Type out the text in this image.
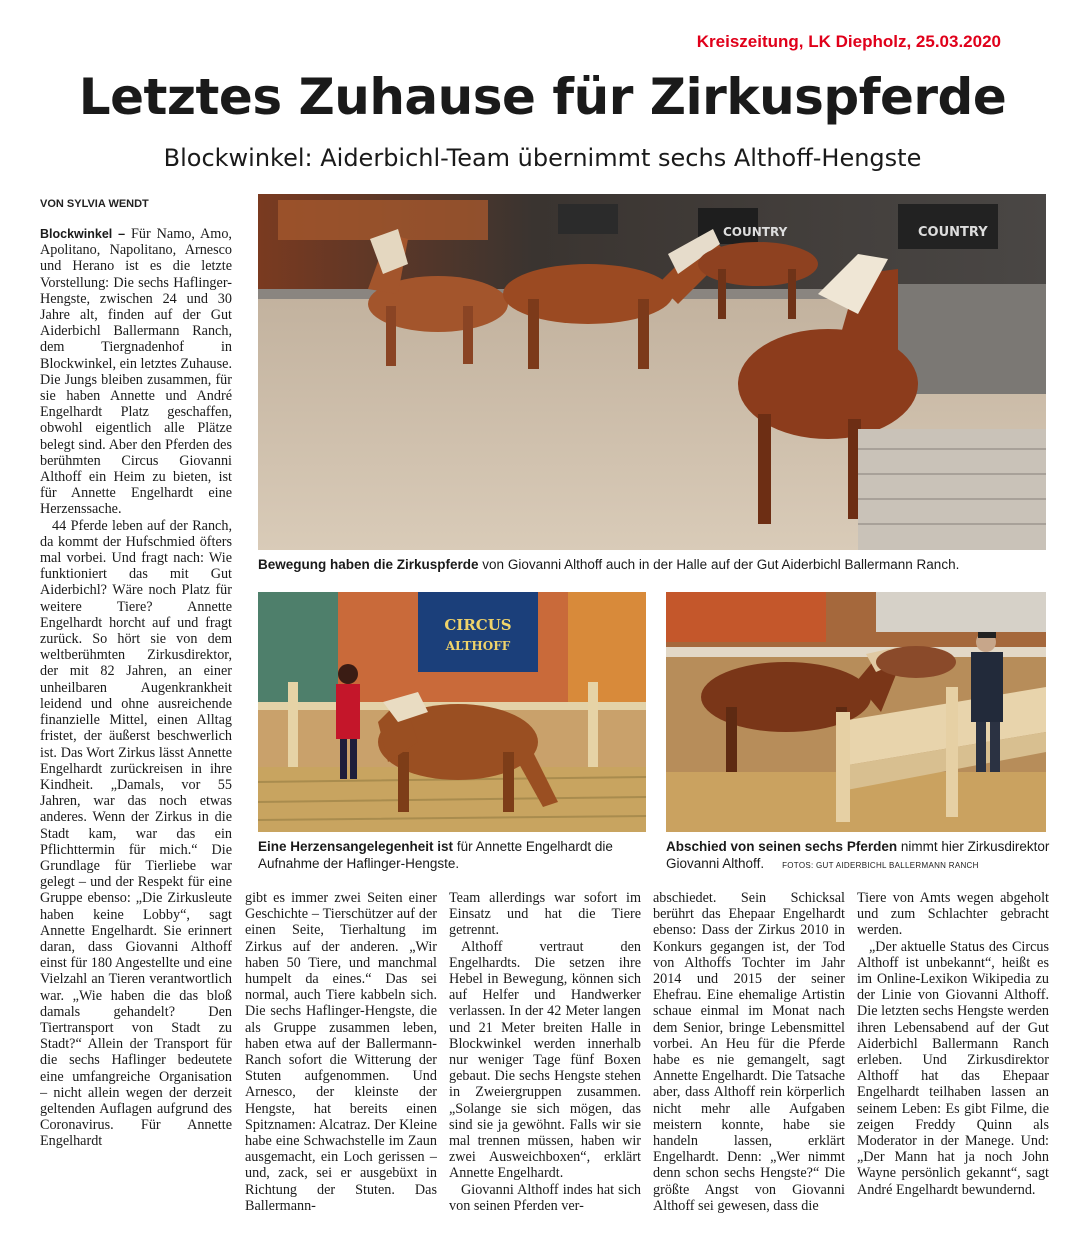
Kreiszeitung, LK Diepholz, 25.03.2020
Letztes Zuhause für Zirkuspferde
Blockwinkel: Aiderbichl-Team übernimmt sechs Althoff-Hengste
VON SYLVIA WENDT

Blockwinkel – Für Namo, Amo, Apolitano, Napolitano, Arnesco und Herano ist es die letzte Vorstellung: Die sechs Haflinger-Hengste, zwischen 24 und 30 Jahre alt, finden auf der Gut Aiderbichl Ballermann Ranch, dem Tiergnadenhof in Blockwinkel, ein letztes Zuhause. Die Jungs bleiben zusammen, für sie haben Annette und André Engelhardt Platz geschaffen, obwohl eigentlich alle Plätze belegt sind. Aber den Pferden des berühmten Circus Giovanni Althoff ein Heim zu bieten, ist für Annette Engelhardt eine Herzenssache.

44 Pferde leben auf der Ranch, da kommt der Hufschmied öfters mal vorbei. Und fragt nach: Wie funktioniert das mit Gut Aiderbichl? Wäre noch Platz für weitere Tiere? Annette Engelhardt horcht auf und fragt zurück. So hört sie von dem weltberühmten Zirkusdirektor, der mit 82 Jahren, an einer unheilbaren Augenkrankheit leidend und ohne ausreichende finanzielle Mittel, einen Alltag fristet, der äußerst beschwerlich ist. Das Wort Zirkus lässt Annette Engelhardt zurückreisen in ihre Kindheit. „Damals, vor 55 Jahren, war das noch etwas anderes. Wenn der Zirkus in die Stadt kam, war das ein Pflichttermin für mich.“ Die Grundlage für Tierliebe war gelegt – und der Respekt für eine Gruppe ebenso: „Die Zirkusleute haben keine Lobby“, sagt Annette Engelhardt. Sie erinnert daran, dass Giovanni Althoff einst für 180 Angestellte und eine Vielzahl an Tieren verantwortlich war. „Wie haben die das bloß damals gehandelt? Den Tiertransport von Stadt zu Stadt?“ Allein der Transport für die sechs Haflinger bedeutete eine umfangreiche Organisation – nicht allein wegen der derzeit geltenden Auflagen aufgrund des Coronavirus. Für Annette Engelhardt

COUNTRY	COUNTRY
Bewegung haben die Zirkuspferde von Giovanni Althoff auch in der Halle auf der Gut Aiderbichl Ballermann Ranch.
CIRCUS
ALTHOFF
Eine Herzensangelegenheit ist für Annette Engelhardt die Aufnahme der Haflinger-Hengste.
Abschied von seinen sechs Pferden nimmt hier Zirkusdirektor Giovanni Althoff. FOTOS: GUT AIDERBICHL BALLERMANN RANCH

gibt es immer zwei Seiten einer Geschichte – Tierschützer auf der einen Seite, Tierhaltung im Zirkus auf der anderen. „Wir haben 50 Tiere, und manchmal humpelt da eines.“ Das sei normal, auch Tiere kabbeln sich. Die sechs Haflinger-Hengste, die als Gruppe zusammen leben, haben etwa auf der Ballermann-Ranch sofort die Witterung der Stuten aufgenommen. Und Arnesco, der kleinste der Hengste, hat bereits einen Spitznamen: Alcatraz. Der Kleine habe eine Schwachstelle im Zaun ausgemacht, ein Loch gerissen – und, zack, sei er ausgebüxt in Richtung der Stuten. Das Ballermann-

Team allerdings war sofort im Einsatz und hat die Tiere getrennt.

Althoff vertraut den Engelhardts. Die setzen ihre Hebel in Bewegung, können sich auf Helfer und Handwerker verlassen. In der 42 Meter langen und 21 Meter breiten Halle in Blockwinkel werden innerhalb nur weniger Tage fünf Boxen gebaut. Die sechs Hengste stehen in Zweiergruppen zusammen. „Solange sie sich mögen, das sind sie ja gewöhnt. Falls wir sie mal trennen müssen, haben wir zwei Ausweichboxen“, erklärt Annette Engelhardt.

Giovanni Althoff indes hat sich von seinen Pferden ver-

abschiedet. Sein Schicksal berührt das Ehepaar Engelhardt ebenso: Dass der Zirkus 2010 in Konkurs gegangen ist, der Tod von Althoffs Tochter im Jahr 2014 und 2015 der seiner Ehefrau. Eine ehemalige Artistin schaue einmal im Monat nach dem Senior, bringe Lebensmittel vorbei. An Heu für die Pferde habe es nie gemangelt, sagt Annette Engelhardt. Die Tatsache aber, dass Althoff rein körperlich nicht mehr alle Aufgaben meistern konnte, habe sie handeln lassen, erklärt Engelhardt. Denn: „Wer nimmt denn schon sechs Hengste?“ Die größte Angst von Giovanni Althoff sei gewesen, dass die

Tiere von Amts wegen abgeholt und zum Schlachter gebracht werden.

„Der aktuelle Status des Circus Althoff ist unbekannt“, heißt es im Online-Lexikon Wikipedia zu der Linie von Giovanni Althoff. Die letzten sechs Hengste werden ihren Lebensabend auf der Gut Aiderbichl Ballermann Ranch erleben. Und Zirkusdirektor Althoff hat das Ehepaar Engelhardt teilhaben lassen an seinem Leben: Es gibt Filme, die zeigen Freddy Quinn als Moderator in der Manege. Und: „Der Mann hat ja noch John Wayne persönlich gekannt“, sagt André Engelhardt bewundernd.
